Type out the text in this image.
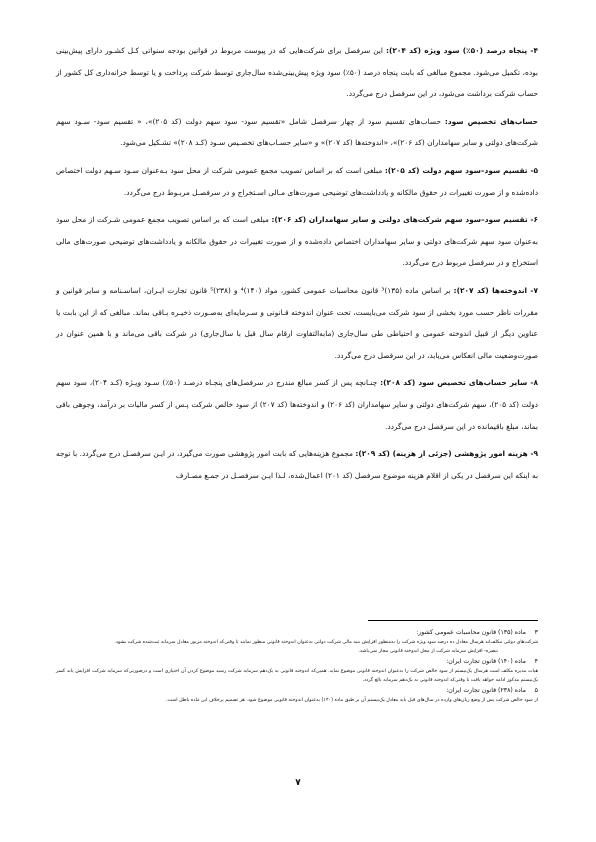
۴- پنجاه درصد (۵۰٪) سود ویژه (کد ۲۰۴): این سرفصل برای شرکت‌هایی که در پیوست مربوط در قوانین بودجه سنواتی کـل کشـور دارای پیش‌بینی بوده، تکمیل می‌شود. مجموع مبالغی که بابت پنجاه درصد (۵۰٪) سود ویژه پیش‌بینی‌شده سال‌جاری توسط شرکت پرداخت و یا توسط خزانه‌داری کل کشور از حساب شرکت برداشت می‌شود، در این سرفصل درج می‌گردد.

حساب‌های تخصیص سود: حساب‌های تقسیم سود از چهار سرفصل شامل «تقسیم سود- سود سهم دولت (کد ۲۰۵)»، « تقسیم سود- سـود سهم شرکت‌های دولتی و سایر سهامداران (کد ۲۰۶)»، «اندوخته‌ها (کد ۲۰۷)» و «سایر حسـاب‌های تخصـیص سـود (کـد ۲۰۸)» تشـکیل می‌شود.

۵- تقسیم سود–سود سهم دولت (کد ۲۰۵): مبلغی است که بر اساس تصویب مجمع عمومی شرکت از محل سود بـه‌عنوان سـود سـهم دولت اختصاص داده‌شده و از صورت تغییرات در حقوق مالکانه و یادداشت‌های توضیحی صورت‌های مـالی اسـتخراج و در سرفصـل مربـوط درج می‌گردد.

۶- تقسیم سود–سود سهم شرکت‌های دولتی و سایر سهامداران (کد ۲۰۶): مبلغی است که بر اساس تصویب مجمع عمومی شـرکت از محل سود به‌عنوان سود سهم شرکت‌های دولتی و سایر سهامداران اختصاص داده‌شده و از صورت تغییرات در حقوق مالکانه و یادداشت‌های توضیحی صورت‌های مالی استخراج و در سرفصل مربوط درج می‌گردد.

۷- اندوخته‌ها (کد ۲۰۷): بر اساس ماده (۱۳۵)³ قانون محاسبات عمومی کشور، مواد (۱۴۰)⁴ و (۲۳۸)⁵ قانون تجارت ایـران، اساسـنامه و سایر قوانین و مقررات ناظر حسب مورد بخشی از سود شرکت می‌بایست، تحت عنوان اندوخته قـانونی و سـرمایه‌ای به‌صـورت ذخیـره بـاقی بماند. مبالغی که از این بابت یا عناوین دیگر از قبیل اندوخته عمومی و احتیاطی طی سال‌جاری (مابه‌التفاوت ارقام سال قبل با سال‌جاری) در شرکت باقی می‌ماند و با همین عنوان در صورت‌وضعیت مالی انعکاس می‌یابد، در این سرفصل درج می‌گردد.

۸- سایر حساب‌های تخصیص سود (کد ۲۰۸): چنـانچه پس از کسر مبالغ مندرج در سرفصل‌های پنجـاه درصـد (۵۰٪) سـود ویـژه (کـد ۲۰۴)، سود سهم دولت (کد ۲۰۵)، سهم شرکت‌های دولتی و سایر سهامداران (کد ۲۰۶) و اندوخته‌ها (کد ۲۰۷) از سود خالص شرکت پـس از کسر مالیات بر درآمد، وجوهی باقی بماند، مبلغ باقیمانده در این سرفصل درج می‌گردد.

۹- هزینه امور پژوهشی (جزئی از هزینه) (کد ۲۰۹): مجموع هزینه‌هایی که بابت امور پژوهشی صورت می‌گیرد، در ایـن سرفصـل درج می‌گردد. با توجه به اینکه این سرفصل در یکی از اقلام هزینه موضوع سرفصل (کد ۲۰۱) اعمال‌شده، لـذا ایـن سرفصـل در جمـع مصـارف

۳ماده (۱۳۵) قانون محاسبات عمومی کشور:

شرکت‌های دولتی مکلف‌اند هرسال معادل ده درصد سود ویژه شرکت را به‌منظور افزایش بنیه مالی شرکت دولتی به‌عنوان اندوخته قانونی منظور نمایند تا وقتی‌که اندوخته مزبور معادل سرمایه ثبت‌شده شرکت بشود.

تبصره- افزایش سرمایه شرکت از محل اندوخته قانونی مجاز نمی‌باشد.

۴ماده (۱۴۰) قانون تجارت ایران:

هیات مدیره مکلف است هرسال یک‌بیستم از سود خالص شرکت را به‌عنوان اندوخته قانونی موضوع نماید. همین‌که اندوخته قانونی به یک‌دهم سرمایه شرکت رسید موضوع کردن آن اختیاری است و درصورتی‌که سرمایه شرکت افزایش یابد کسر یک‌بیستم مذکور ادامه خواهد یافت تا وقتی‌که اندوخته قانونی به یک‌دهم سرمایه بالغ گردد.

۵ماده (۲۳۸) قانون تجارت ایران:

از سود خالص شرکت پس از وضع زیان‌های وارده در سال‌های قبل باید معادل یک‌بیستم آن بر طبق ماده (۱۴۰) به‌عنوان اندوخته قانونی موضوع شود. هر تصمیم برخلاف این ماده باطل است.

۷
